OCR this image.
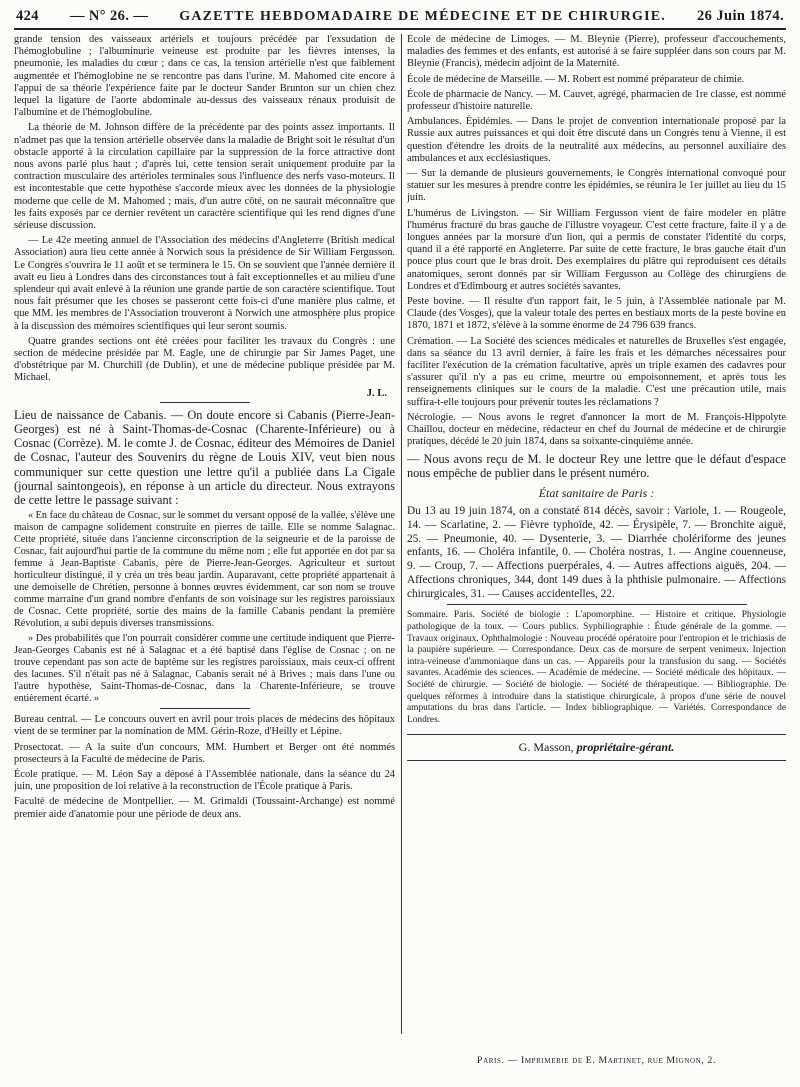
424 — N° 26. — GAZETTE HEBDOMADAIRE DE MÉDECINE ET DE CHIRURGIE. 26 Juin 1874.

grande tension des vaisseaux artériels et toujours précédée par l'exsudation de l'hémoglobuline ; l'albuminurie veineuse est produite par les fièvres intenses, la pneumonie, les maladies du cœur ; dans ce cas, la tension artérielle n'est que faiblement augmentée et l'hémoglobine ne se rencontre pas dans l'urine. M. Mahomed cite encore à l'appui de sa théorie l'expérience faite par le docteur Sander Brunton sur un chien chez lequel la ligature de l'aorte abdominale au-dessus des vaisseaux rénaux produisit de l'albumine et de l'hémoglobuline.

La théorie de M. Johnson diffère de la précédente par des points assez importants. Il n'admet pas que la tension artérielle observée dans la maladie de Bright soit le résultat d'un obstacle apporté à la circulation capillaire par la suppression de la force attractive dont nous avons parlé plus haut ; d'après lui, cette tension serait uniquement produite par la contraction musculaire des artérioles terminales sous l'influence des nerfs vaso-moteurs. Il est incontestable que cette hypothèse s'accorde mieux avec les données de la physiologie moderne que celle de M. Mahomed ; mais, d'un autre côté, on ne saurait méconnaître que les faits exposés par ce dernier revêtent un caractère scientifique qui les rend dignes d'une sérieuse discussion.

— Le 42e meeting annuel de l'Association des médecins d'Angleterre (British medical Association) aura lieu cette année à Norwich sous la présidence de Sir William Fergusson. Le Congrès s'ouvrira le 11 août et se terminera le 15. On se souvient que l'année dernière il avait eu lieu à Londres dans des circonstances tout à fait exceptionnelles et au milieu d'une splendeur qui avait enlevé à la réunion une grande partie de son caractère scientifique. Tout nous fait présumer que les choses se passeront cette fois-ci d'une manière plus calme, et que MM. les membres de l'Association trouveront à Norwich une atmosphère plus propice à la discussion des mémoires scientifiques qui leur seront soumis.

Quatre grandes sections ont été créées pour faciliter les travaux du Congrès : une section de médecine présidée par M. Eagle, une de chirurgie par Sir James Paget, une d'obstétrique par M. Churchill (de Dublin), et une de médecine publique présidée par M. Michael.

J. L.

Lieu de naissance de Cabanis. — On doute encore si Cabanis (Pierre-Jean-Georges) est né à Saint-Thomas-de-Cosnac (Charente-Inférieure) ou à Cosnac (Corrèze). M. le comte J. de Cosnac, éditeur des Mémoires de Daniel de Cosnac, l'auteur des Souvenirs du règne de Louis XIV, veut bien nous communiquer sur cette question une lettre qu'il a publiée dans La Cigale (journal saintongeois), en réponse à un article du directeur. Nous extrayons de cette lettre le passage suivant :

« En face du château de Cosnac, sur le sommet du versant opposé de la vallée, s'élève une maison de campagne solidement construite en pierres de taille. Elle se nomme Salagnac. Cette propriété, située dans l'ancienne circonscription de la seigneurie et de la paroisse de Cosnac, fait aujourd'hui partie de la commune du même nom ; elle fut apportée en dot par sa femme à Jean-Baptiste Cabanis, père de Pierre-Jean-Georges. Agriculteur et surtout horticulteur distingué, il y créa un très beau jardin. Auparavant, cette propriété appartenait à une demoiselle de Chrétien, personne à bonnes œuvres évidemment, car son nom se trouve comme marraine d'un grand nombre d'enfants de son voisinage sur les registres paroissiaux de Cosnac. Cette propriété, sortie des mains de la famille Cabanis pendant la première Révolution, a subi depuis diverses transmissions.

» Des probabilités que l'on pourrait considérer comme une certitude indiquent que Pierre-Jean-Georges Cabanis est né à Salagnac et a été baptisé dans l'église de Cosnac ; on ne trouve cependant pas son acte de baptême sur les registres paroissiaux, mais ceux-ci offrent des lacunes. S'il n'était pas né à Salagnac, Cabanis serait né à Brives ; mais dans l'une ou l'autre hypothèse, Saint-Thomas-de-Cosnac, dans la Charente-Inférieure, se trouve entièrement écarté. »

Bureau central. — Le concours ouvert en avril pour trois places de médecins des hôpitaux vient de se terminer par la nomination de MM. Gérin-Roze, d'Heilly et Lépine.

Prosectorat. — A la suite d'un concours, MM. Humbert et Berger ont été nommés prosecteurs à la Faculté de médecine de Paris.

École pratique. — M. Léon Say a déposé à l'Assemblée nationale, dans la séance du 24 juin, une proposition de loi relative à la reconstruction de l'École pratique à Paris.

Faculté de médecine de Montpellier. — M. Grimaldi (Toussaint-Archange) est nommé premier aide d'anatomie pour une période de deux ans.

École de médecine de Limoges. — M. Bleynie (Pierre), professeur d'accouchements, maladies des femmes et des enfants, est autorisé à se faire suppléer dans son cours par M. Bleynie (Francis), médecin adjoint de la Maternité.

École de médecine de Marseille. — M. Robert est nommé préparateur de chimie.

École de pharmacie de Nancy. — M. Cauvet, agrégé, pharmacien de 1re classe, est nommé professeur d'histoire naturelle.

Ambulances. Épidémies. — Dans le projet de convention internationale proposé par la Russie aux autres puissances et qui doit être discuté dans un Congrès tenu à Vienne, il est question d'étendre les droits de la neutralité aux médecins, au personnel auxiliaire des ambulances et aux ecclésiastiques.

— Sur la demande de plusieurs gouvernements, le Congrès international convoqué pour statuer sur les mesures à prendre contre les épidémies, se réunira le 1er juillet au lieu du 15 juin.

L'humérus de Livingston. — Sir William Fergusson vient de faire modeler en plâtre l'humérus fracturé du bras gauche de l'illustre voyageur. C'est cette fracture, faite il y a de longues années par la morsure d'un lion, qui a permis de constater l'identité du corps, quand il a été rapporté en Angleterre. Par suite de cette fracture, le bras gauche était d'un pouce plus court que le bras droit. Des exemplaires du plâtre qui reproduisent ces détails anatomiques, seront donnés par sir William Fergusson au Collège des chirurgiens de Londres et d'Edimbourg et autres sociétés savantes.

Peste bovine. — Il résulte d'un rapport fait, le 5 juin, à l'Assemblée nationale par M. Claude (des Vosges), que la valeur totale des pertes en bestiaux morts de la peste bovine en 1870, 1871 et 1872, s'élève à la somme énorme de 24 796 639 francs.

Crémation. — La Société des sciences médicales et naturelles de Bruxelles s'est engagée, dans sa séance du 13 avril dernier, à faire les frais et les démarches nécessaires pour faciliter l'exécution de la crémation facultative, après un triple examen des cadavres pour s'assurer qu'il n'y a pas eu crime, meurtre ou empoisonnement, et après tous les renseignements cliniques sur le cours de la maladie. C'est une précaution utile, mais suffira-t-elle toujours pour prévenir toutes les réclamations ?

Nécrologie. — Nous avons le regret d'annoncer la mort de M. François-Hippolyte Chaillou, docteur en médecine, rédacteur en chef du Journal de médecine et de chirurgie pratiques, décédé le 20 juin 1874, dans sa soixante-cinquième année.

— Nous avons reçu de M. le docteur Rey une lettre que le défaut d'espace nous empêche de publier dans le présent numéro.

État sanitaire de Paris :

Du 13 au 19 juin 1874, on a constaté 814 décès, savoir : Variole, 1. — Rougeole, 14. — Scarlatine, 2. — Fièvre typhoïde, 42. — Érysipèle, 7. — Bronchite aiguë, 25. — Pneumonie, 40. — Dysenterie, 3. — Diarrhée cholériforme des jeunes enfants, 16. — Choléra infantile, 0. — Choléra nostras, 1. — Angine couenneuse, 9. — Croup, 7. — Affections puerpérales, 4. — Autres affections aiguës, 204. — Affections chroniques, 344, dont 149 dues à la phthisie pulmonaire. — Affections chirurgicales, 31. — Causes accidentelles, 22.

Sommaire. Paris. Société de biologie : L'apomorphine. — Histoire et critique. Physiologie pathologique de la toux. — Cours publics. Syphiliographie : Étude générale de la gomme. — Travaux originaux. Ophthalmologie : Nouveau procédé opératoire pour l'entropion et le trichiasis de la paupière supérieure. — Correspondance. Deux cas de morsure de serpent venimeux. Injection intra-veineuse d'ammoniaque dans un cas. — Appareils pour la transfusion du sang. — Sociétés savantes. Académie des sciences. — Académie de médecine. — Société médicale des hôpitaux. — Société de chirurgie. — Société de biologie. — Société de thérapeutique. — Bibliographie. De quelques réformes à introduire dans la statistique chirurgicale, à propos d'une série de nouvel amputations du bras dans l'article. — Index bibliographique. — Variétés. Correspondance de Londres.

G. Masson, propriétaire-gérant.
Paris. — Imprimerie de E. Martinet, rue Mignon, 2.
